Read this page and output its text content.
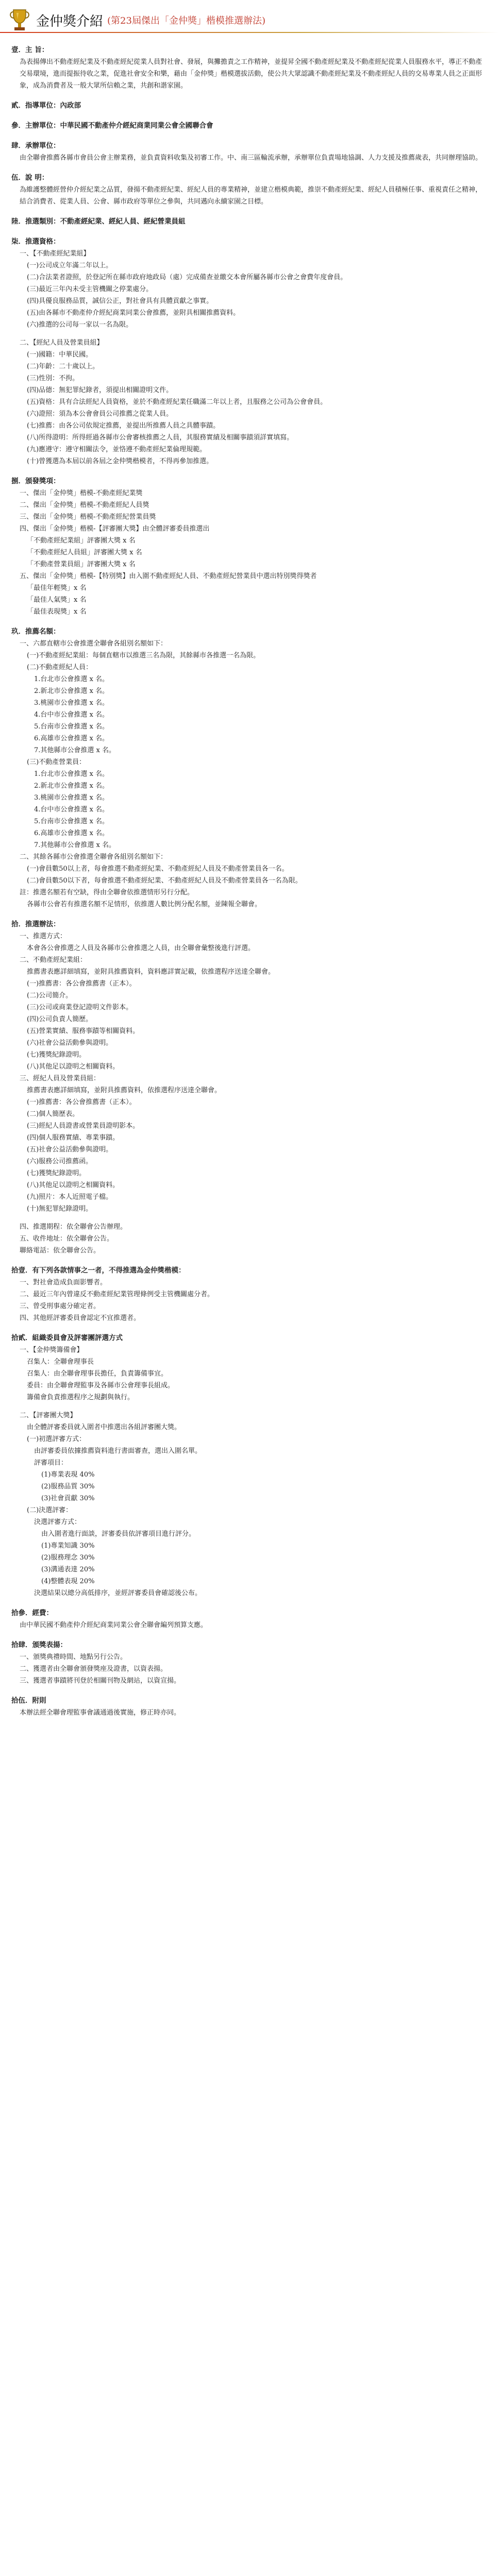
金仲獎介紹 (第23屆傑出「金仲獎」楷模推選辦法)
壹．主 旨：
為表揚傳出不動產經紀業及不動產經紀從業人員對社會、發展，與攤擔責之工作精神，並提昇全國不動產經紀業及不動產經紀從業人員服務水平，導正不動產交易環境，進而提振待收之業，促進社會安全和樂，藉由「金仲獎」楷模選拔活動，使公共大眾認識不動產經紀業及不動產經紀人員的交易專業人員之正面形象，成為消費者及一般大眾所信賴之業，共創和諧家園。
貳．指導單位：內政部
參．主辦單位：中華民國不動產仲介經紀商業同業公會全國聯合會
肆．承辦單位：
由全聯會推薦各縣市會員公會主辦業務，並負責資料收集及初審工作。中、南三區輪流承辦，承辦單位負責場地協調、人力支援及推薦歲表，共同辦理協助。
伍．說 明：
為維護整體經營仲介經紀業之品質，發揚不動產經紀業、經紀人員的專業精神，並建立楷模典範，推崇不動產經紀業、經紀人員積極任事、重視責任之精神，結合消費者、從業人員、公會、縣市政府等單位之參與，共同邁向永續家園之目標。
陸．推選類別：不動產經紀業、經紀人員、經紀營業員組
柒．推選資格：
一、【不動產經紀業組】
(一)公司成立年滿二年以上。
(二)合法業者證照，於登記所在縣市政府地政局（處）完成備查並繳交本會所屬各縣市公會之會費年度會員。
(三)最近三年內未受主管機關之停業處分。
(四)具優良服務品質，誠信公正，對社會具有具體貢獻之事實。
(五)由各縣市不動產仲介經紀商業同業公會推薦，並附具相關推薦資料。
(六)推選的公司每一家以一名為限。
二、【經紀人員及營業員組】
(一)國籍：中華民國。
(二)年齡：二十歲以上。
(三)性別：不拘。
(四)品德：無犯罪紀錄者，須提出相關證明文件。
(五)資格：具有合法經紀人員資格，並於不動產經紀業任職滿二年以上者，且服務之公司為公會會員。
(六)證照：須為本公會會員公司推薦之從業人員。
(七)推薦：由各公司依規定推薦，並提出所推薦人員之具體事蹟。
(八)所得證明：所得經過各縣市公會審核推薦之人員，其服務實績及相關事蹟須詳實填寫。
(九)應遵守：遵守相關法令，並恪遵不動產經紀業倫理規範。
(十)曾獲選為本屆以前各屆之金仲獎楷模者，不得再參加推選。
捌．頒發獎項：
一、傑出「金仲獎」楷模-不動產經紀業獎
二、傑出「金仲獎」楷模-不動產經紀人員獎
三、傑出「金仲獎」楷模-不動產經紀營業員獎
四、傑出「金仲獎」楷模-【評審團大獎】由全體評審委員推選出
「不動產經紀業組」評審團大獎 x 名
「不動產經紀人員組」評審團大獎 x 名
「不動產營業員組」評審團大獎 x 名
五、傑出「金仲獎」楷模-【特別獎】由入圍不動產經紀人員、不動產經紀營業員中選出特別獎得獎者
「最佳年輕獎」x 名
「最佳人氣獎」x 名
「最佳表現獎」x 名
玖．推薦名額：
一、六都直轄市公會推選全聯會各組別名額如下：
(一)不動產經紀業組：每個直轄市以推選三名為限，其餘縣市各推選一名為限。
(二)不動產經紀人員：
1.台北市公會推選 x 名。
2.新北市公會推選 x 名。
3.桃園市公會推選 x 名。
4.台中市公會推選 x 名。
5.台南市公會推選 x 名。
6.高雄市公會推選 x 名。
7.其他縣市公會推選 x 名。
(三)不動產營業員：
1.台北市公會推選 x 名。
2.新北市公會推選 x 名。
3.桃園市公會推選 x 名。
4.台中市公會推選 x 名。
5.台南市公會推選 x 名。
6.高雄市公會推選 x 名。
7.其他縣市公會推選 x 名。
二、其餘各縣市公會推選全聯會各組別名額如下：
(一)會員數50以上者，每會推選不動產經紀業、不動產經紀人員及不動產營業員各一名。
(二)會員數50以下者，每會推選不動產經紀業、不動產經紀人員及不動產營業員各一名為限。
註：推選名額若有空缺，得由全聯會依推選情形另行分配。
各縣市公會若有推選名額不足情形，依推選人數比例分配名額，並陳報全聯會。
拾．推選辦法：
一、推選方式：
本會各公會推選之人員及各縣市公會推選之人員，由全聯會彙整後進行評選。
二、不動產經紀業組：
推薦書表應詳細填寫，並附具推薦資料，資料應詳實記載，依推選程序送達全聯會。
(一)推薦書：各公會推薦書（正本）。
(二)公司簡介。
(三)公司或商業登記證明文件影本。
(四)公司負責人簡歷。
(五)營業實績、服務事蹟等相關資料。
(六)社會公益活動參與證明。
(七)獲獎紀錄證明。
(八)其他足以證明之相關資料。
三、經紀人員及營業員組：
推薦書表應詳細填寫，並附具推薦資料，依推選程序送達全聯會。
(一)推薦書：各公會推薦書（正本）。
(二)個人簡歷表。
(三)經紀人員證書或營業員證明影本。
(四)個人服務實績、專業事蹟。
(五)社會公益活動參與證明。
(六)服務公司推薦函。
(七)獲獎紀錄證明。
(八)其他足以證明之相關資料。
(九)照片：本人近照電子檔。
(十)無犯罪紀錄證明。
四、推選期程：依全聯會公告辦理。
五、收件地址：依全聯會公告。
聯絡電話：依全聯會公告。
拾壹．有下列各款情事之一者，不得推選為金仲獎楷模：
一、對社會造成負面影響者。
二、最近三年內曾違反不動產經紀業管理條例受主管機關處分者。
三、曾受刑事處分確定者。
四、其他經評審委員會認定不宜推選者。
拾貳．組織委員會及評審團評選方式
一、【金仲獎籌備會】
召集人：全聯會理事長
召集人：由全聯會理事長擔任，負責籌備事宜。
委員：由全聯會理監事及各縣市公會理事長組成。
籌備會負責推選程序之規劃與執行。
二、【評審團大獎】
由全體評審委員就入圍者中推選出各組評審團大獎。
(一)初選評審方式：
由評審委員依據推薦資料進行書面審查，選出入圍名單。
評審項目：
(1)專業表現 40%
(2)服務品質 30%
(3)社會貢獻 30%
(二)決選評審：
決選評審方式：
由入圍者進行面談，評審委員依評審項目進行評分。
(1)專業知識 30%
(2)服務理念 30%
(3)溝通表達 20%
(4)整體表現 20%
決選結果以總分高低排序，並經評審委員會確認後公布。
拾參．經費：
由中華民國不動產仲介經紀商業同業公會全聯會編列預算支應。
拾肆．頒獎表揚：
一、頒獎典禮時間、地點另行公告。
二、獲選者由全聯會頒發獎座及證書，以資表揚。
三、獲選者事蹟將刊登於相關刊物及網站，以資宣揚。
拾伍．附則
本辦法經全聯會理監事會議通過後實施，修正時亦同。
